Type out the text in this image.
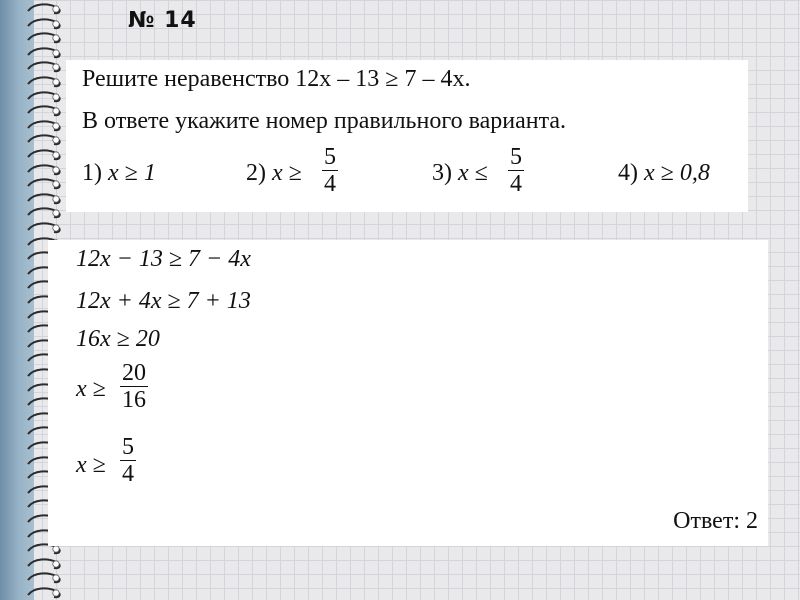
№ 14
Решите неравенство 12x – 13 ≥ 7 – 4x.
В ответе укажите номер правильного варианта.
1) x ≥ 1	2) $x \ge \frac{5}{4}$	3) $x \le \frac{5}{4}$	4) x ≥ 0,8
12x − 13 ≥ 7 − 4x
12x + 4x ≥ 7 + 13
16x ≥ 20
$x \ge \frac{20}{16}$
$x \ge \frac{5}{4}$
Ответ: 2
